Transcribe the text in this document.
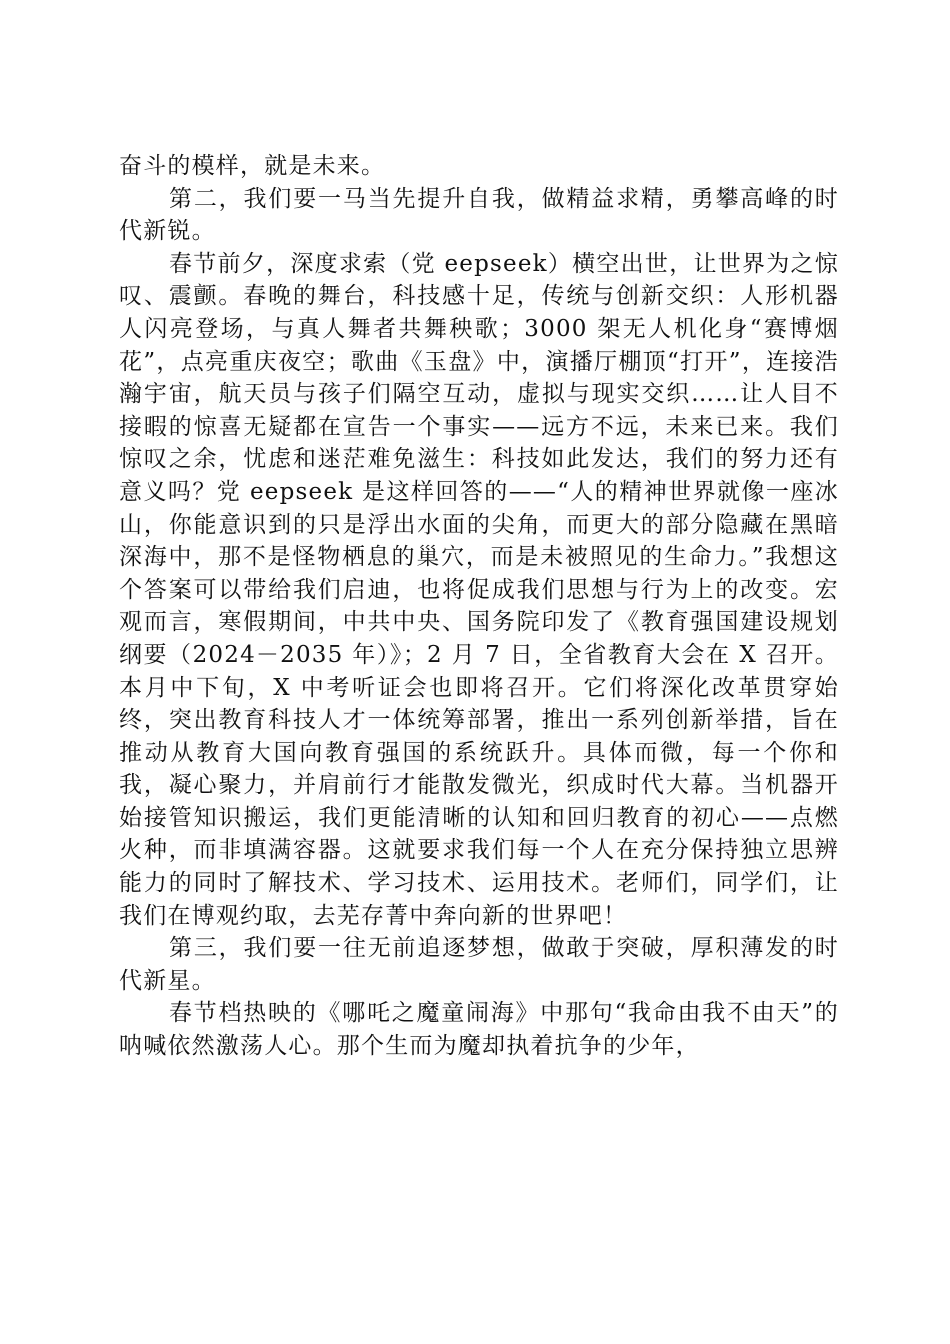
奋斗的模样，就是未来。

第二，我们要一马当先提升自我，做精益求精，勇攀高峰的时代新锐。

春节前夕，深度求索（党 eepseek）横空出世，让世界为之惊叹、震颤。春晚的舞台，科技感十足，传统与创新交织：人形机器人闪亮登场，与真人舞者共舞秧歌；3000 架无人机化身“赛博烟花”，点亮重庆夜空；歌曲《玉盘》中，演播厅棚顶“打开”，连接浩瀚宇宙，航天员与孩子们隔空互动，虚拟与现实交织……让人目不接暇的惊喜无疑都在宣告一个事实——远方不远，未来已来。我们惊叹之余，忧虑和迷茫难免滋生：科技如此发达，我们的努力还有意义吗？党 eepseek 是这样回答的——“人的精神世界就像一座冰山，你能意识到的只是浮出水面的尖角，而更大的部分隐藏在黑暗深海中，那不是怪物栖息的巢穴，而是未被照见的生命力。”我想这个答案可以带给我们启迪，也将促成我们思想与行为上的改变。宏观而言，寒假期间，中共中央、国务院印发了《教育强国建设规划纲要（2024－2035 年）》；2 月 7 日，全省教育大会在 X 召开。本月中下旬，X 中考听证会也即将召开。它们将深化改革贯穿始终，突出教育科技人才一体统筹部署，推出一系列创新举措，旨在推动从教育大国向教育强国的系统跃升。具体而微，每一个你和我，凝心聚力，并肩前行才能散发微光，织成时代大幕。当机器开始接管知识搬运，我们更能清晰的认知和回归教育的初心——点燃火种，而非填满容器。这就要求我们每一个人在充分保持独立思辨能力的同时了解技术、学习技术、运用技术。老师们，同学们，让我们在博观约取，去芜存菁中奔向新的世界吧！

第三，我们要一往无前追逐梦想，做敢于突破，厚积薄发的时代新星。

春节档热映的《哪吒之魔童闹海》中那句“我命由我不由天”的呐喊依然激荡人心。那个生而为魔却执着抗争的少年，
